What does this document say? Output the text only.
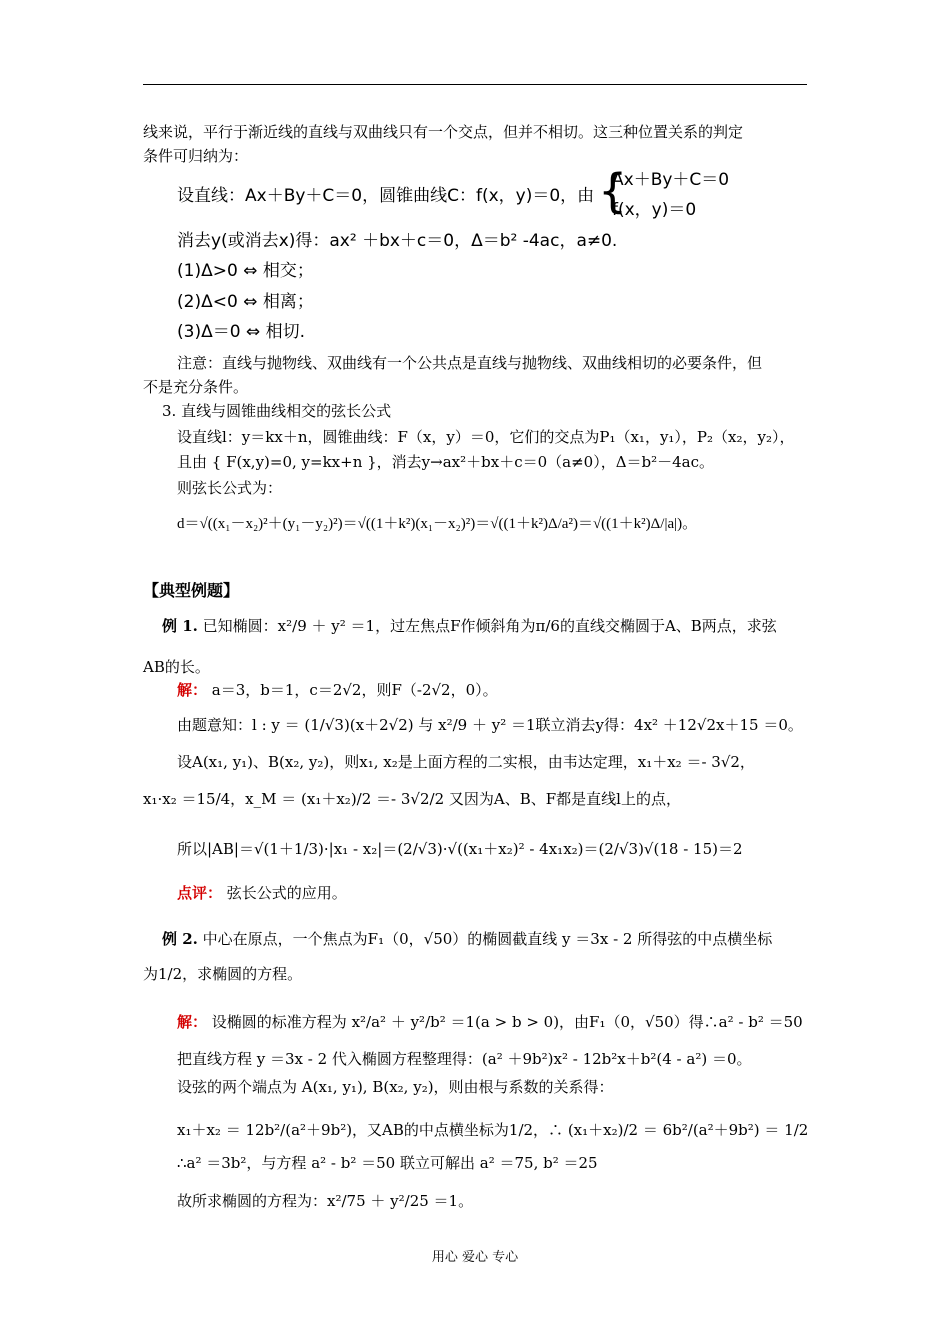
线来说，平行于渐近线的直线与双曲线只有一个交点，但并不相切。这三种位置关系的判定
条件可归纳为：
设直线：Ax＋By＋C＝0，圆锥曲线C：f(x，y)＝0，由 {
Ax＋By＋C＝0
f(x，y)＝0
消去y(或消去x)得：ax² ＋bx＋c＝0，Δ＝b² -4ac，a≠0.
(1)Δ>0 ⇔ 相交；
(2)Δ<0 ⇔ 相离；
(3)Δ＝0 ⇔ 相切.
注意：直线与抛物线、双曲线有一个公共点是直线与抛物线、双曲线相切的必要条件，但
不是充分条件。
3. 直线与圆锥曲线相交的弦长公式
设直线l：y＝kx＋n，圆锥曲线：F（x，y）＝0，它们的交点为P₁（x₁，y₁），P₂（x₂，y₂），
且由 { F(x,y)=0, y=kx+n }，消去y→ax²＋bx＋c＝0（a≠0），Δ＝b²－4ac。
则弦长公式为：
d＝√((x₁－x₂)²＋(y₁－y₂)²)＝√((1＋k²)(x₁－x₂)²)＝√((1＋k²)Δ/a²)＝√((1＋k²)Δ/|a|)。
【典型例题】
例 1. 已知椭圆：x²/9 ＋ y² ＝1，过左焦点F作倾斜角为π/6的直线交椭圆于A、B两点，求弦
AB的长。
解： a＝3，b＝1，c＝2√2，则F（-2√2，0）。
由题意知：l : y ＝ (1/√3)(x＋2√2) 与 x²/9 ＋ y² ＝1联立消去y得：4x² ＋12√2x＋15 ＝0。
设A(x₁, y₁)、B(x₂, y₂)，则x₁, x₂是上面方程的二实根，由韦达定理，x₁＋x₂ ＝- 3√2，
x₁·x₂ ＝15/4，x_M ＝ (x₁＋x₂)/2 ＝- 3√2/2 又因为A、B、F都是直线l上的点，
所以|AB|＝√(1＋1/3)·|x₁ - x₂|＝(2/√3)·√((x₁＋x₂)² - 4x₁x₂)＝(2/√3)√(18 - 15)＝2
点评： 弦长公式的应用。
例 2. 中心在原点，一个焦点为F₁（0，√50）的椭圆截直线 y ＝3x - 2 所得弦的中点横坐标
为1/2，求椭圆的方程。
解： 设椭圆的标准方程为 x²/a² ＋ y²/b² ＝1(a > b > 0)，由F₁（0，√50）得∴a² - b² ＝50
把直线方程 y ＝3x - 2 代入椭圆方程整理得：(a² ＋9b²)x² - 12b²x＋b²(4 - a²) ＝0。
设弦的两个端点为 A(x₁, y₁), B(x₂, y₂)，则由根与系数的关系得：
x₁＋x₂ ＝ 12b²/(a²＋9b²)，又AB的中点横坐标为1/2，∴ (x₁＋x₂)/2 ＝ 6b²/(a²＋9b²) ＝ 1/2
∴a² ＝3b²，与方程 a² - b² ＝50 联立可解出 a² ＝75, b² ＝25
故所求椭圆的方程为：x²/75 ＋ y²/25 ＝1。
用心 爱心 专心
